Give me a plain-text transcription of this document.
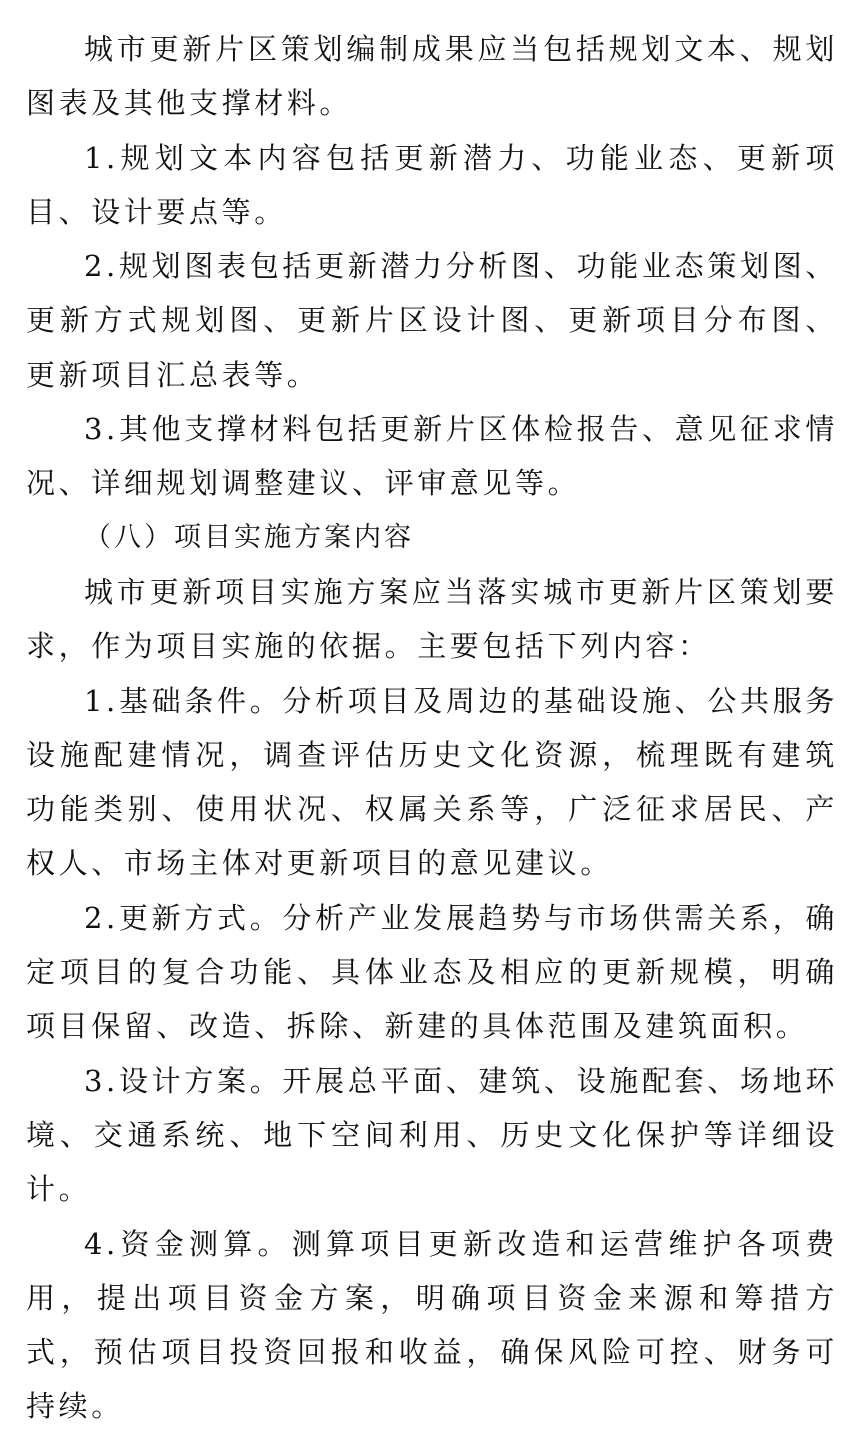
城市更新片区策划编制成果应当包括规划文本、规划图表及其他支撑材料。

1.规划文本内容包括更新潜力、功能业态、更新项目、设计要点等。

2.规划图表包括更新潜力分析图、功能业态策划图、更新方式规划图、更新片区设计图、更新项目分布图、更新项目汇总表等。

3.其他支撑材料包括更新片区体检报告、意见征求情况、详细规划调整建议、评审意见等。

（八）项目实施方案内容

城市更新项目实施方案应当落实城市更新片区策划要求，作为项目实施的依据。主要包括下列内容：

1.基础条件。分析项目及周边的基础设施、公共服务设施配建情况，调查评估历史文化资源，梳理既有建筑功能类别、使用状况、权属关系等，广泛征求居民、产权人、市场主体对更新项目的意见建议。

2.更新方式。分析产业发展趋势与市场供需关系，确定项目的复合功能、具体业态及相应的更新规模，明确项目保留、改造、拆除、新建的具体范围及建筑面积。

3.设计方案。开展总平面、建筑、设施配套、场地环境、交通系统、地下空间利用、历史文化保护等详细设计。

4.资金测算。测算项目更新改造和运营维护各项费用，提出项目资金方案，明确项目资金来源和筹措方式，预估项目投资回报和收益，确保风险可控、财务可持续。
